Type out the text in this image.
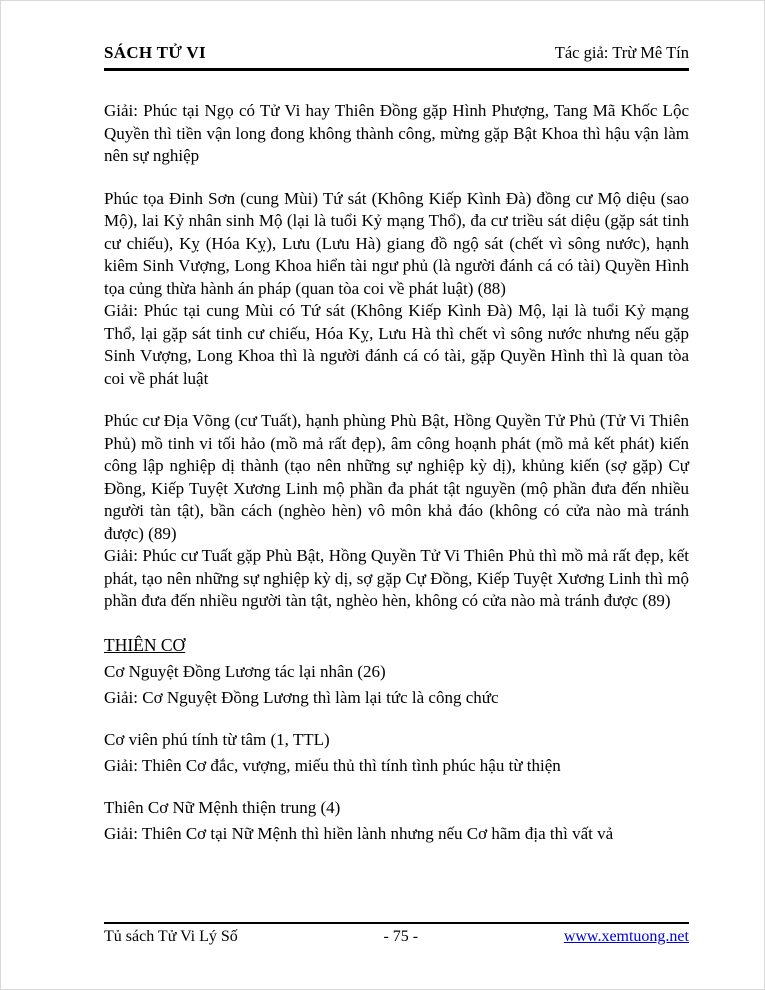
SÁCH TỬ VI	Tác giả: Trừ Mê Tín

Giải: Phúc tại Ngọ có Tử Vi hay Thiên Đồng gặp Hình Phượng, Tang Mã Khốc Lộc Quyền thì tiền vận long đong không thành công, mừng gặp Bật Khoa thì hậu vận làm nên sự nghiệp

Phúc tọa Đinh Sơn (cung Mùi) Tứ sát (Không Kiếp Kình Đà) đồng cư Mộ diệu (sao Mộ), lai Kỷ nhân sinh Mộ (lại là tuổi Kỷ mạng Thổ), đa cư triều sát diệu (gặp sát tinh cư chiếu), Kỵ (Hóa Kỵ), Lưu (Lưu Hà) giang đồ ngộ sát (chết vì sông nước), hạnh kiêm Sinh Vượng, Long Khoa hiển tài ngư phủ (là người đánh cá có tài) Quyền Hình tọa củng thừa hành án pháp (quan tòa coi về phát luật) (88)

Giải: Phúc tại cung Mùi có Tứ sát (Không Kiếp Kình Đà) Mộ, lại là tuổi Kỷ mạng Thổ, lại gặp sát tinh cư chiếu, Hóa Kỵ, Lưu Hà thì chết vì sông nước nhưng nếu gặp Sinh Vượng, Long Khoa thì là người đánh cá có tài, gặp Quyền Hình thì là quan tòa coi về phát luật

Phúc cư Địa Võng (cư Tuất), hạnh phùng Phù Bật, Hồng Quyền Tử Phủ (Tử Vi Thiên Phủ) mồ tinh vi tối hảo (mồ mả rất đẹp), âm công hoạnh phát (mồ mả kết phát) kiến công lập nghiệp dị thành (tạo nên những sự nghiệp kỳ dị), khủng kiến (sợ gặp) Cự Đồng, Kiếp Tuyệt Xương Linh mộ phần đa phát tật nguyền (mộ phần đưa đến nhiều người tàn tật), bần cách (nghèo hèn) vô môn khả đáo (không có cửa nào mà tránh được) (89)

Giải: Phúc cư Tuất gặp Phù Bật, Hồng Quyền Tử Vi Thiên Phủ thì mồ mả rất đẹp, kết phát, tạo nên những sự nghiệp kỳ dị, sợ gặp Cự Đồng, Kiếp Tuyệt Xương Linh thì mộ phần đưa đến nhiều người tàn tật, nghèo hèn, không có cửa nào mà tránh được (89)

THIÊN CƠ

Cơ Nguyệt Đồng Lương tác lại nhân (26)

Giải: Cơ Nguyệt Đồng Lương thì làm lại tức là công chức

Cơ viên phú tính từ tâm (1, TTL)

Giải: Thiên Cơ đắc, vượng, miếu thủ thì tính tình phúc hậu từ thiện

Thiên Cơ Nữ Mệnh thiện trung (4)

Giải: Thiên Cơ tại Nữ Mệnh thì hiền lành nhưng nếu Cơ hãm địa thì vất vả

Tủ sách Tử Vi Lý Số	- 75 -	www.xemtuong.net
